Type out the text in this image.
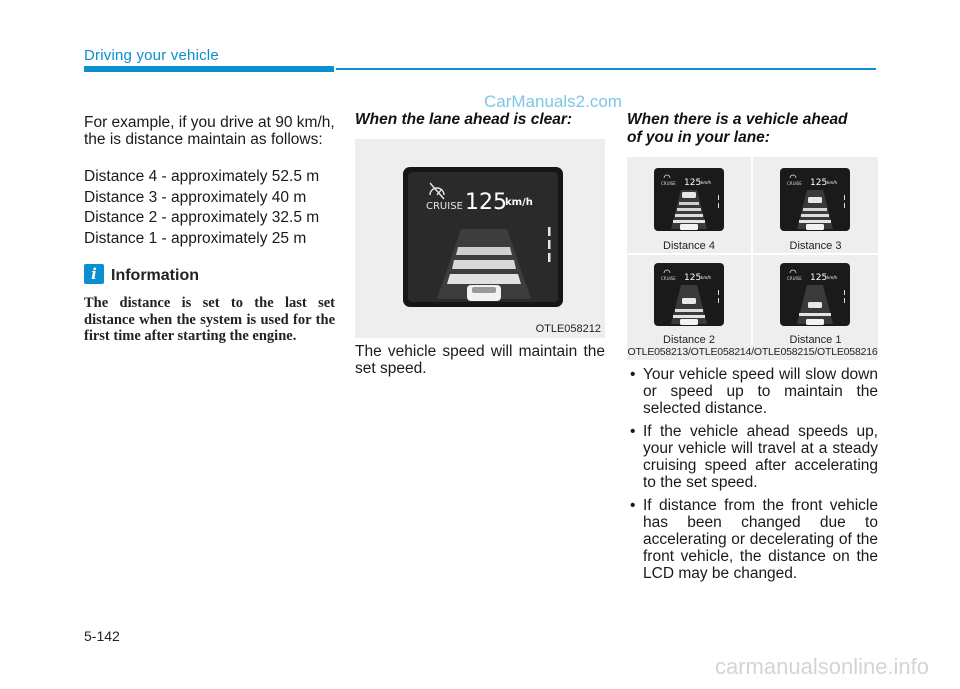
Driving your vehicle
CarManuals2.com
For example, if you drive at 90 km/h,
the is distance maintain as follows:
Distance 4 - approximately 52.5 m
Distance 3 - approximately 40 m
Distance 2 - approximately 32.5 m
Distance 1 - approximately 25 m
i Information
The distance is set to the last set distance when the system is used for the first time after starting the engine.
When the lane ahead is clear:
CRUISE 125
km/h
OTLE058212
The vehicle speed will maintain the
set speed.
When there is a vehicle ahead
of you in your lane:
CRUISE 125 km/h
Distance 4
CRUISE 125 km/h
Distance 3
CRUISE 125 km/h
Distance 2
CRUISE 125 km/h
Distance 1
OTLE058213/OTLE058214/OTLE058215/OTLE058216
• Your vehicle speed will slow down or speed up to maintain the selected distance.
• If the vehicle ahead speeds up, your vehicle will travel at a steady cruising speed after accelerating to the set speed.
• If distance from the front vehicle has been changed due to accelerating or decelerating of the front vehicle, the distance on the LCD may be changed.
5-142
carmanualsonline.info
